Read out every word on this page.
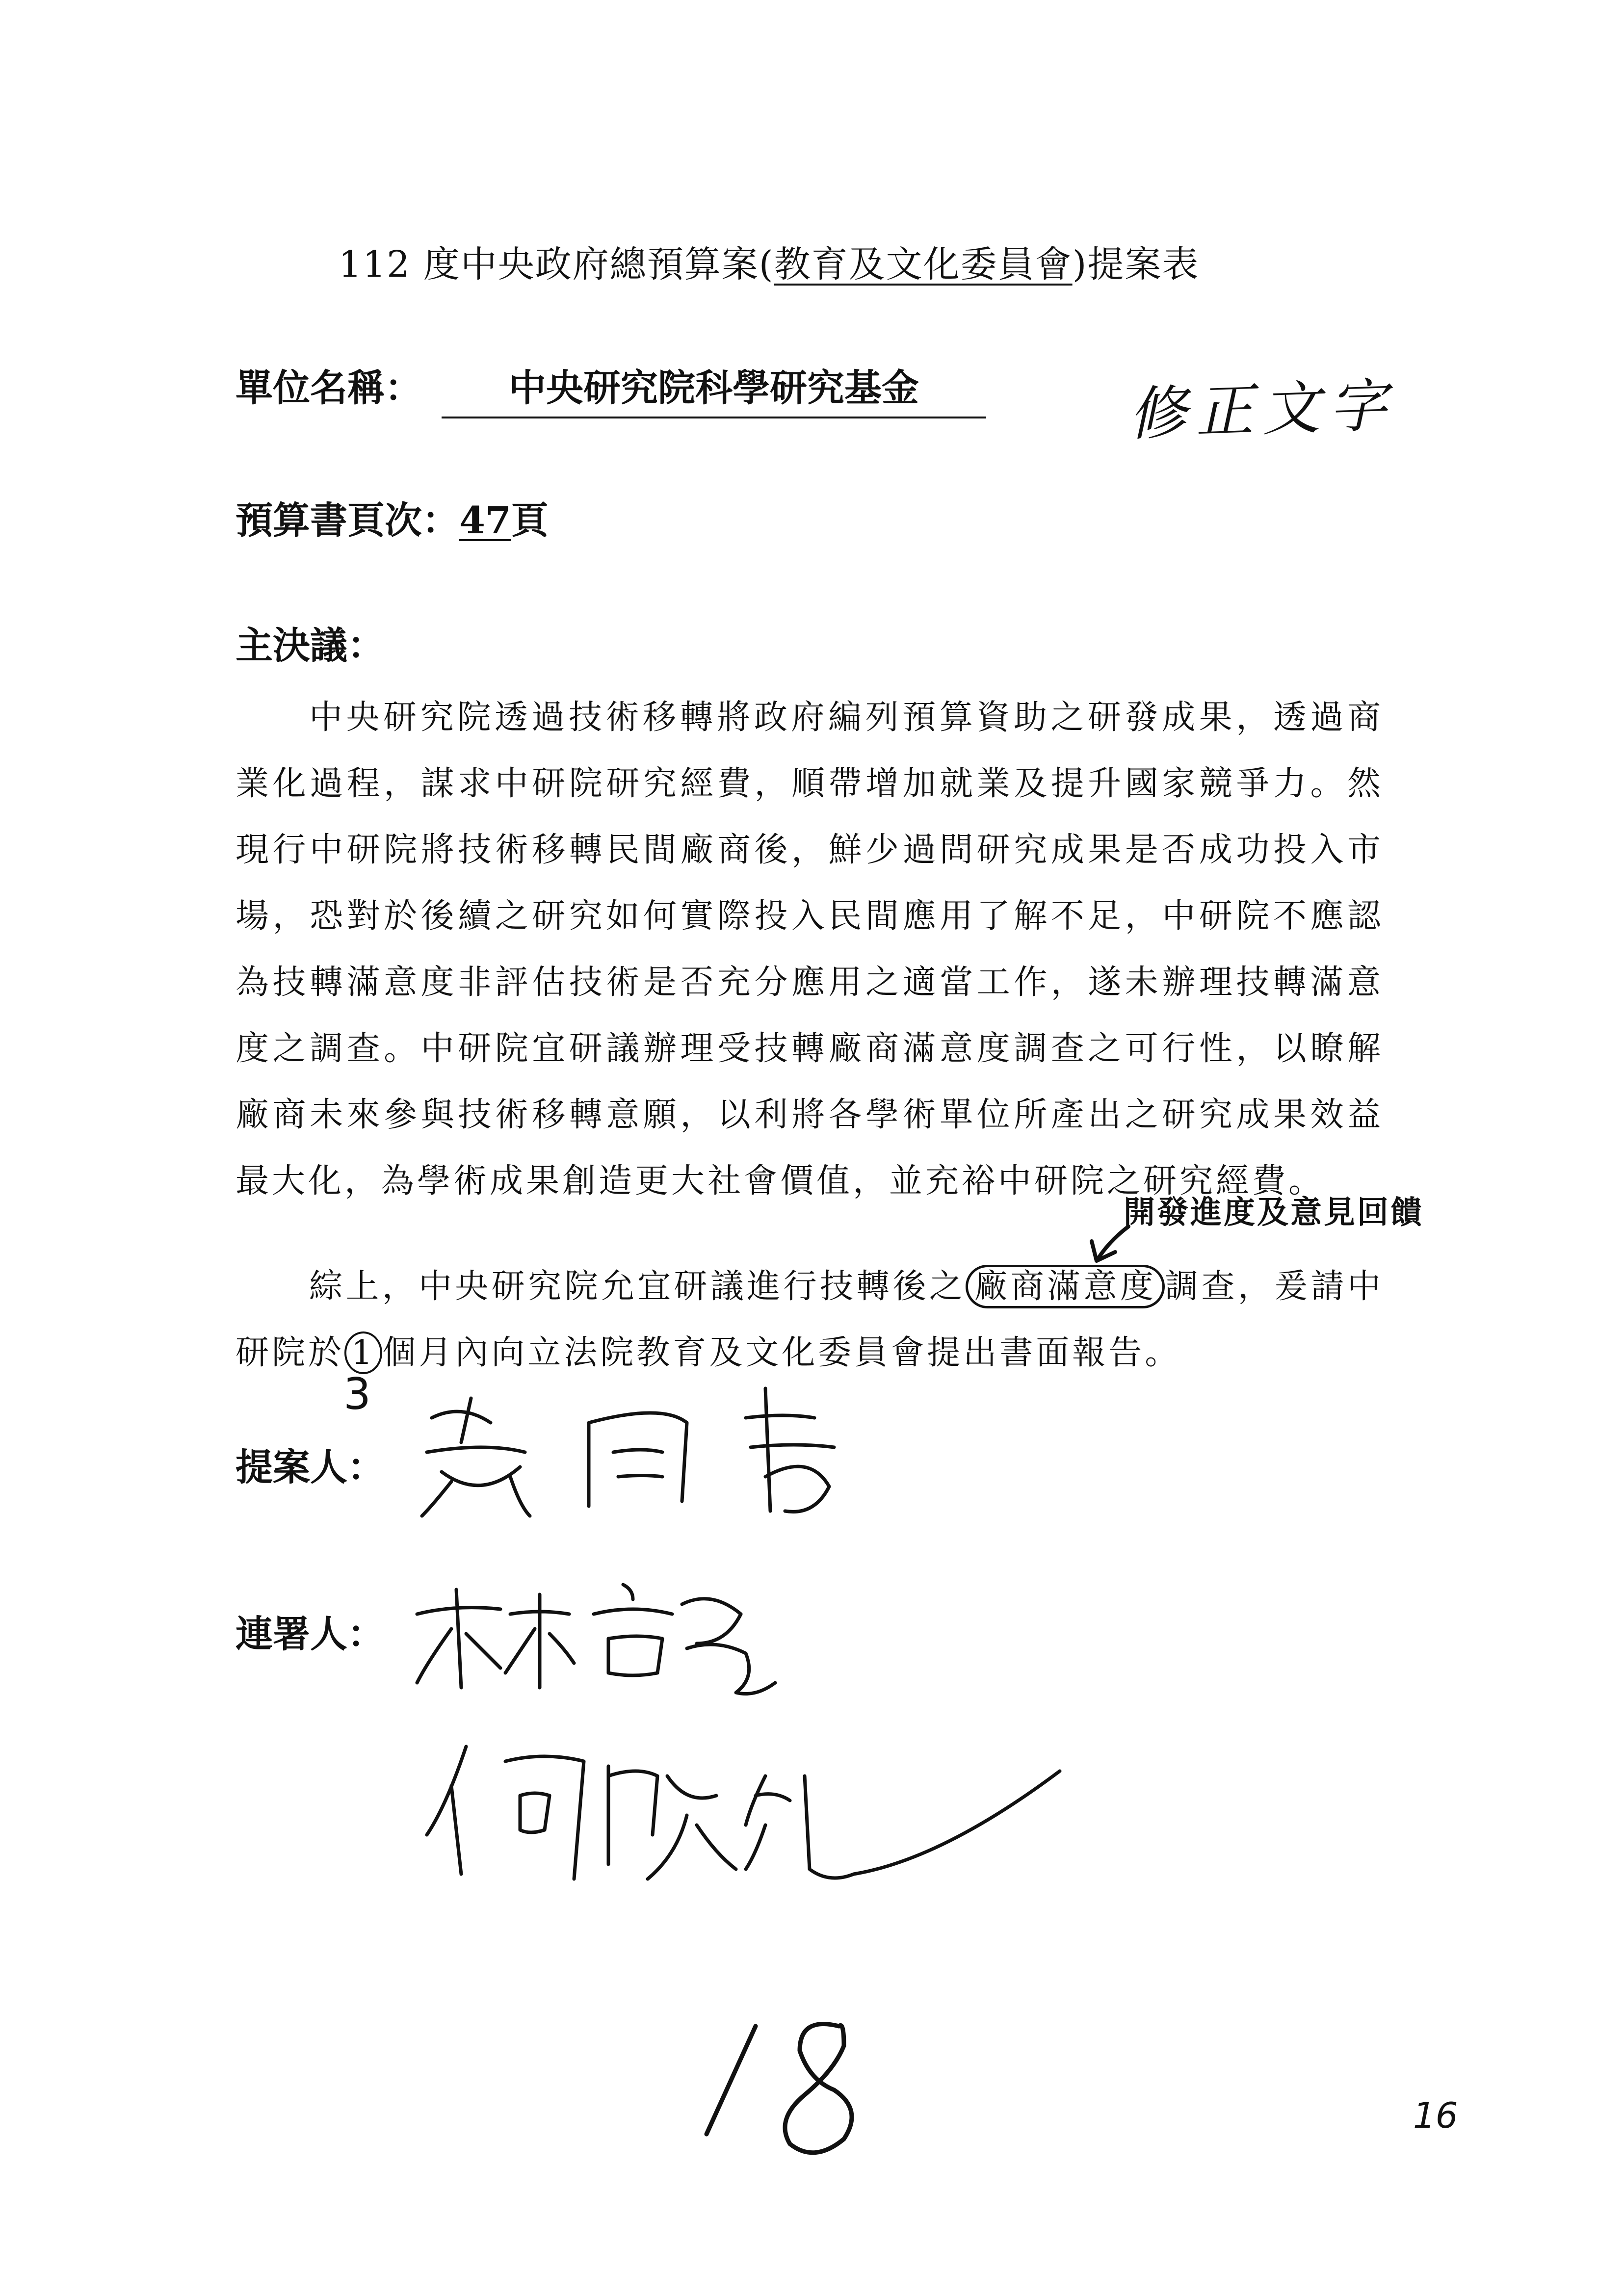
112 度中央政府總預算案(教育及文化委員會)提案表
單位名稱：	中央研究院科學研究基金	修正文字
預算書頁次：47頁
主決議：
中央研究院透過技術移轉將政府編列預算資助之研發成果，透過商業化過程，謀求中研院研究經費，順帶增加就業及提升國家競爭力。然現行中研院將技術移轉民間廠商後，鮮少過問研究成果是否成功投入市場，恐對於後續之研究如何實際投入民間應用了解不足，中研院不應認為技轉滿意度非評估技術是否充分應用之適當工作，遂未辦理技轉滿意度之調查。中研院宜研議辦理受技轉廠商滿意度調查之可行性，以瞭解廠商未來參與技術移轉意願，以利將各學術單位所產出之研究成果效益最大化，為學術成果創造更大社會價值，並充裕中研院之研究經費。
開發進度及意見回饋
綜上，中央研究院允宜研議進行技轉後之 廠商滿意度 調查，爰請中研院於 1 個月內向立法院教育及文化委員會提出書面報告。
3
提案人：
連署人：
16
